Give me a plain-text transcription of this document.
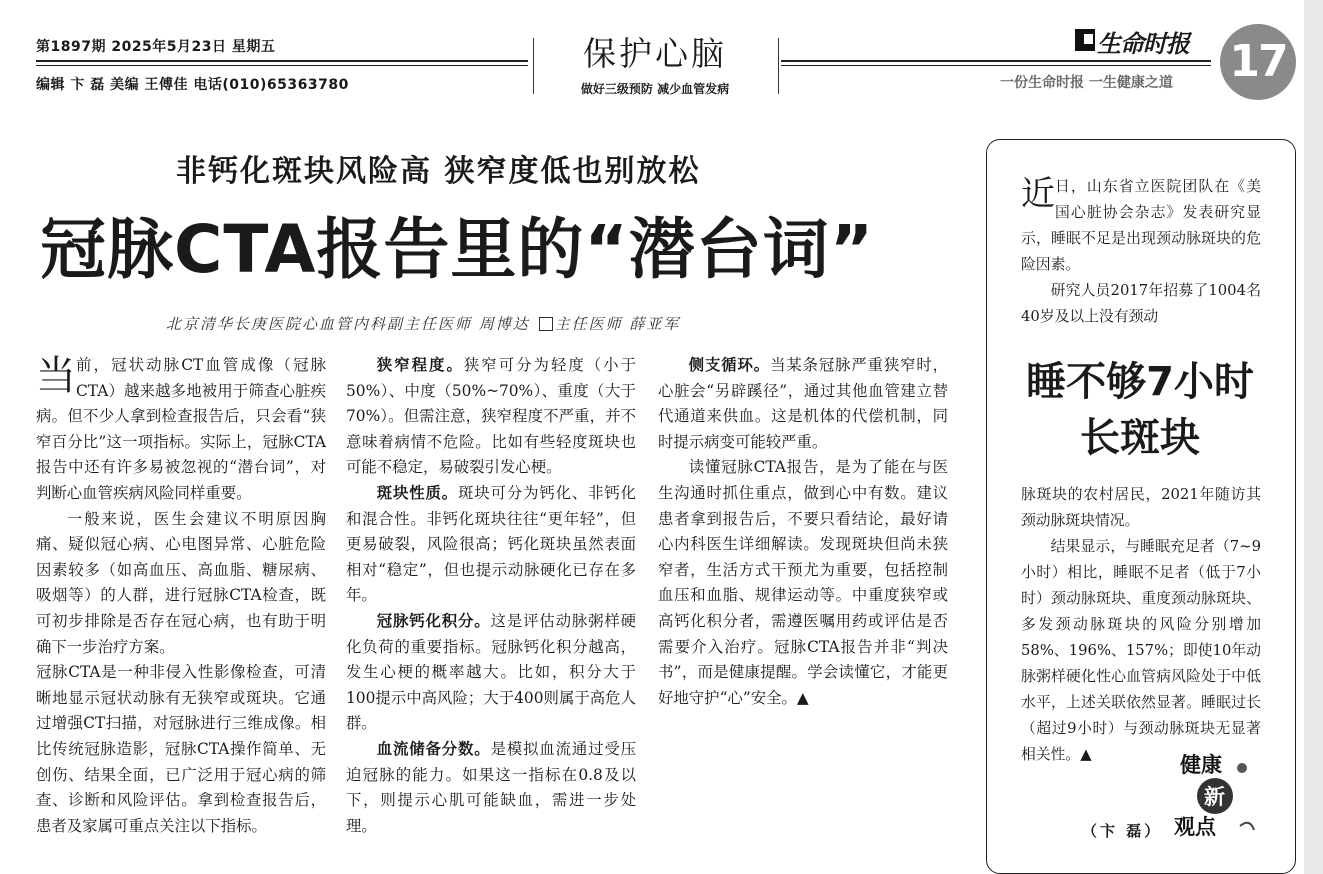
第1897期 2025年5月23日 星期五
编辑 卞 磊 美编 王傅佳 电话(010)65363780
保护心脑
做好三级预防 减少血管发病
生命时报
一份生命时报 一生健康之道 17
非钙化斑块风险高 狭窄度低也别放松
冠脉CTA报告里的“潜台词”
北京清华长庚医院心血管内科副主任医师 周博达 主任医师 薛亚军

当前，冠状动脉CT血管成像（冠脉CTA）越来越多地被用于筛查心脏疾病。但不少人拿到检查报告后，只会看“狭窄百分比”这一项指标。实际上，冠脉CTA报告中还有许多易被忽视的“潜台词”，对判断心血管疾病风险同样重要。

一般来说，医生会建议不明原因胸痛、疑似冠心病、心电图异常、心脏危险因素较多（如高血压、高血脂、糖尿病、吸烟等）的人群，进行冠脉CTA检查，既可初步排除是否存在冠心病，也有助于明确下一步治疗方案。

冠脉CTA是一种非侵入性影像检查，可清晰地显示冠状动脉有无狭窄或斑块。它通过增强CT扫描，对冠脉进行三维成像。相比传统冠脉造影，冠脉CTA操作简单、无创伤、结果全面，已广泛用于冠心病的筛查、诊断和风险评估。拿到检查报告后，患者及家属可重点关注以下指标。

狭窄程度。狭窄可分为轻度（小于50%）、中度（50%~70%）、重度（大于70%）。但需注意，狭窄程度不严重，并不意味着病情不危险。比如有些轻度斑块也可能不稳定，易破裂引发心梗。

斑块性质。斑块可分为钙化、非钙化和混合性。非钙化斑块往往“更年轻”，但更易破裂，风险很高；钙化斑块虽然表面相对“稳定”，但也提示动脉硬化已存在多年。

冠脉钙化积分。这是评估动脉粥样硬化负荷的重要指标。冠脉钙化积分越高，发生心梗的概率越大。比如，积分大于100提示中高风险；大于400则属于高危人群。

血流储备分数。是模拟血流通过受压迫冠脉的能力。如果这一指标在0.8及以下，则提示心肌可能缺血，需进一步处理。

侧支循环。当某条冠脉严重狭窄时，心脏会“另辟蹊径”，通过其他血管建立替代通道来供血。这是机体的代偿机制，同时提示病变可能较严重。

读懂冠脉CTA报告，是为了能在与医生沟通时抓住重点，做到心中有数。建议患者拿到报告后，不要只看结论，最好请心内科医生详细解读。发现斑块但尚未狭窄者，生活方式干预尤为重要，包括控制血压和血脂、规律运动等。中重度狭窄或高钙化积分者，需遵医嘱用药或评估是否需要介入治疗。冠脉CTA报告并非“判决书”，而是健康提醒。学会读懂它，才能更好地守护“心”安全。▲

近日，山东省立医院团队在《美国心脏协会杂志》发表研究显示，睡眠不足是出现颈动脉斑块的危险因素。

研究人员2017年招募了1004名40岁及以上没有颈动

睡不够7小时
长斑块

脉斑块的农村居民，2021年随访其颈动脉斑块情况。

结果显示，与睡眠充足者（7~9小时）相比，睡眠不足者（低于7小时）颈动脉斑块、重度颈动脉斑块、多发颈动脉斑块的风险分别增加58%、196%、157%；即使10年动脉粥样硬化性心血管病风险处于中低水平，上述关联依然显著。睡眠过长（超过9小时）与颈动脉斑块无显著相关性。▲

（卞 磊）
健康
新
观点
